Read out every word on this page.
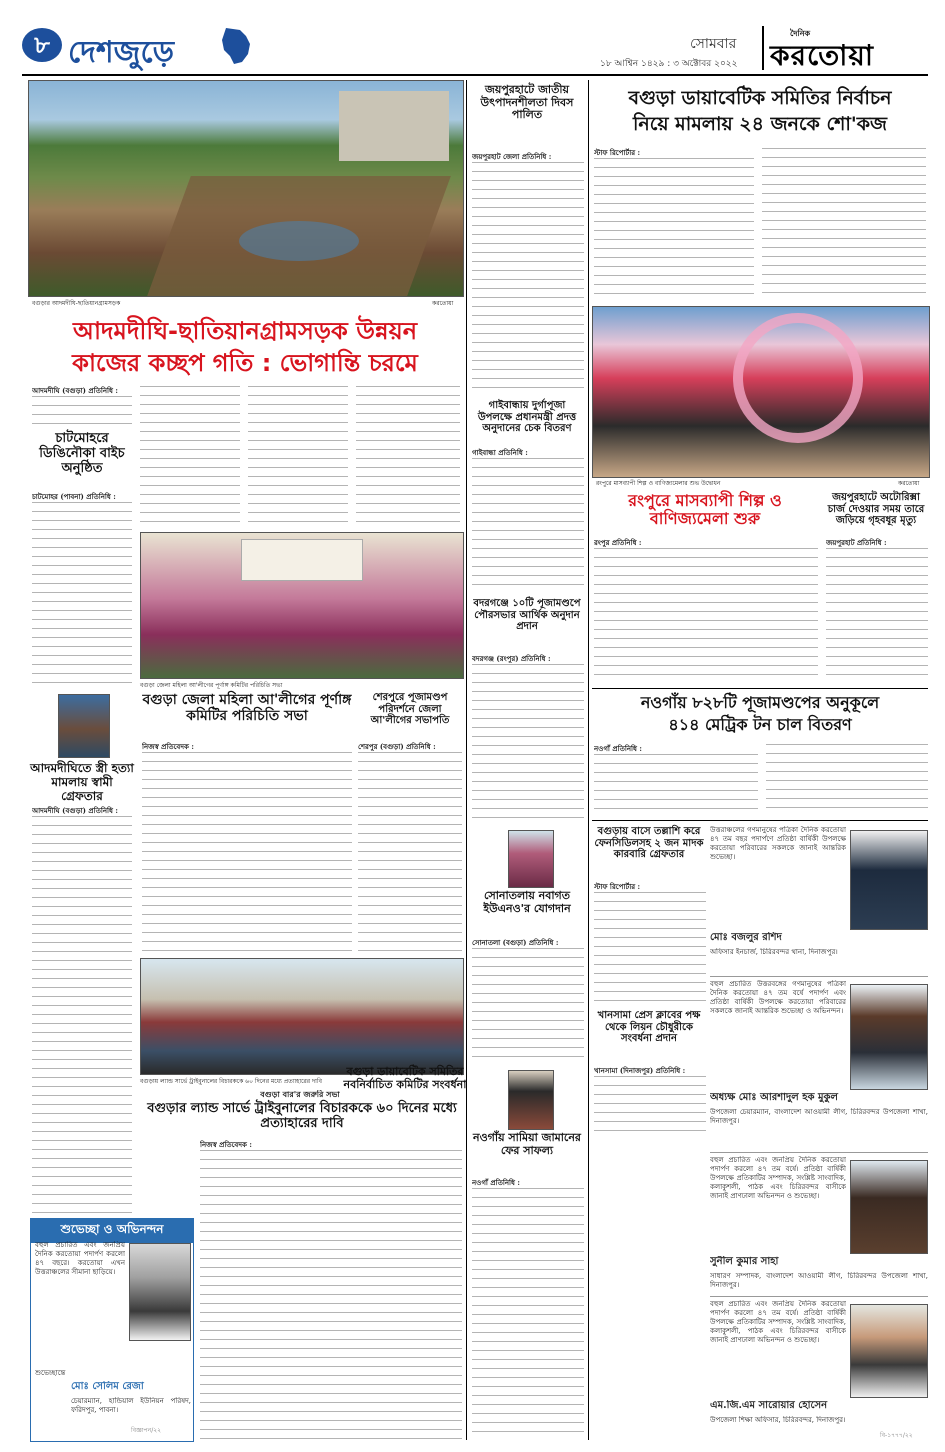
৮ দেশজুড়ে	সোমবার
১৮ আশ্বিন ১৪২৯ : ৩ অক্টোবর ২০২২
দৈনিক
করতোয়া
বগুড়ার আদমদীঘি-ছাতিয়ানগ্রামসড়ক	করতোয়া
আদমদীঘি-ছাতিয়ানগ্রামসড়ক উন্নয়ন
কাজের কচ্ছপ গতি : ভোগান্তি চরমে
আদমদীঘি (বগুড়া) প্রতিনিধি :
চাটমোহরে ডিঙিনৌকা বাইচ অনুষ্ঠিত
চাটমোহর (পাবনা) প্রতিনিধি :
আদমদীঘিতে স্ত্রী হত্যা মামলায় স্বামী গ্রেফতার
আদমদীঘি (বগুড়া) প্রতিনিধি :
বগুড়া জেলা মহিলা আ'লীগের পূর্ণাঙ্গ কমিটির পরিচিতি সভা
বগুড়া জেলা মহিলা আ'লীগের পূর্ণাঙ্গ কমিটির পরিচিতি সভা
শেরপুরে পূজামণ্ডপ পরিদর্শনে জেলা আ'লীগের সভাপতি
নিজস্ব প্রতিবেদক :	শেরপুর (বগুড়া) প্রতিনিধি :
বগুড়ায় ল্যান্ড সার্ভে ট্রাইবুনালের বিচারককে ৬০ দিনের মধ্যে প্রত্যাহারের দাবি
বগুড়া বার'র জরুরি সভা
বগুড়ার ল্যান্ড সার্ভে ট্রাইবুনালের বিচারককে ৬০ দিনের মধ্যে প্রত্যাহারের দাবি
নিজস্ব প্রতিবেদক :
শুভেচ্ছা ও অভিনন্দন
বহুল প্রচারিত এবং জনপ্রিয় দৈনিক করতোয়া পদার্পণ করলো ৪৭ বছরে। করতোয়া এখন উত্তরাঞ্চলের সীমানা ছাড়িয়ে।
শুভেচ্ছান্তে
মোঃ সেলিম রেজা
চেয়ারম্যান, হান্ডিয়াল ইউনিয়ন পরিষদ, ফরিদপুর, পাবনা।
বিজ্ঞাপন/২২
জয়পুরহাটে জাতীয় উৎপাদনশীলতা দিবস পালিত
জয়পুরহাট জেলা প্রতিনিধি :
গাইবান্ধায় দুর্গাপূজা উপলক্ষে প্রধানমন্ত্রী প্রদত্ত অনুদানের চেক বিতরণ
গাইবান্ধা প্রতিনিধি :
বদরগঞ্জে ১০টি পূজামণ্ডপে পৌরসভার আর্থিক অনুদান প্রদান
বদরগঞ্জ (রংপুর) প্রতিনিধি :
সোনাতলায় নবাগত ইউএনও'র যোগদান
সোনাতলা (বগুড়া) প্রতিনিধি :
বগুড়া ডায়াবেটিক সমিতির নবনির্বাচিত কমিটির সংবর্ধনা
নওগাঁয় সামিয়া জামানের ফের সাফল্য
নওগাঁ প্রতিনিধি :
বগুড়া ডায়াবেটিক সমিতির নির্বাচন
নিয়ে মামলায় ২৪ জনকে শো'কজ
স্টাফ রিপোর্টার :
রংপুরে মাসব্যাপী শিল্প ও বাণিজ্যমেলার শুভ উদ্বোধন	করতোয়া
রংপুরে মাসব্যাপী শিল্প ও বাণিজ্যমেলা শুরু
জয়পুরহাটে অটোরিক্সা চার্জ দেওয়ার সময় তারে জড়িয়ে গৃহবধূর মৃত্যু
রংপুর প্রতিনিধি :	জয়পুরহাট প্রতিনিধি :
নওগাঁয় ৮২৮টি পূজামণ্ডপের অনুকূলে
৪১৪ মেট্রিক টন চাল বিতরণ
নওগাঁ প্রতিনিধি :
বগুড়ায় বাসে তল্লাশি করে ফেনসিডিলসহ ২ জন মাদক কারবারি গ্রেফতার
স্টাফ রিপোর্টার :
খানসামা প্রেস ক্লাবের পক্ষ থেকে লিয়ন চৌধুরীকে সংবর্ধনা প্রদান
খানসামা (দিনাজপুর) প্রতিনিধি :
উত্তরাঞ্চলের গণমানুষের পত্রিকা দৈনিক করতোয়া ৪৭ তম বছর পদার্পণে প্রতিষ্ঠা বার্ষিকী উপলক্ষে করতোয়া পরিবারের সকলকে জানাই আন্তরিক শুভেচ্ছা।
মোঃ বজলুর রশিদ
অফিসার ইনচার্জ, চিরিরবন্দর থানা, দিনাজপুর।
বহুল প্রচারিত উত্তরবঙ্গের গণমানুষের পত্রিকা দৈনিক করতোয়া ৪৭ তম বর্ষে পদার্পণ এবং প্রতিষ্ঠা বার্ষিকী উপলক্ষে করতোয়া পরিবারের সকলকে জানাই আন্তরিক শুভেচ্ছা ও অভিনন্দন।
অধ্যক্ষ মোঃ আরশাদুল হক মুকুল
উপজেলা চেয়ারম্যান, বাংলাদেশ আওয়ামী লীগ, চিরিরবন্দর উপজেলা শাখা, দিনাজপুর।
বহুল প্রচারিত এবং জনপ্রিয় দৈনিক করতোয়া পদার্পণ করলো ৪৭ তম বর্ষে। প্রতিষ্ঠা বার্ষিকী উপলক্ষে প্রতিকাটির সম্পাদক, সংশ্লিষ্ট সাংবাদিক, কলাকুশলী, পাঠক এবং চিরিরবন্দর বাসীকে জানাই প্রাণঢালা অভিনন্দন ও শুভেচ্ছা।
সুনীল কুমার সাহা
সাধারণ সম্পাদক, বাংলাদেশ আওয়ামী লীগ, চিরিরবন্দর উপজেলা শাখা, দিনাজপুর।
বহুল প্রচারিত এবং জনপ্রিয় দৈনিক করতোয়া পদার্পণ করলো ৪৭ তম বর্ষে। প্রতিষ্ঠা বার্ষিকী উপলক্ষে প্রতিকাটির সম্পাদক, সংশ্লিষ্ট সাংবাদিক, কলাকুশলী, পাঠক এবং চিরিরবন্দর বাসীকে জানাই প্রাণঢালা অভিনন্দন ও শুভেচ্ছা।
এম.জি.এম সারোয়ার হোসেন
উপজেলা শিক্ষা অফিসার, চিরিরবন্দর, দিনাজপুর।
বি-১৭৭৭/২২
